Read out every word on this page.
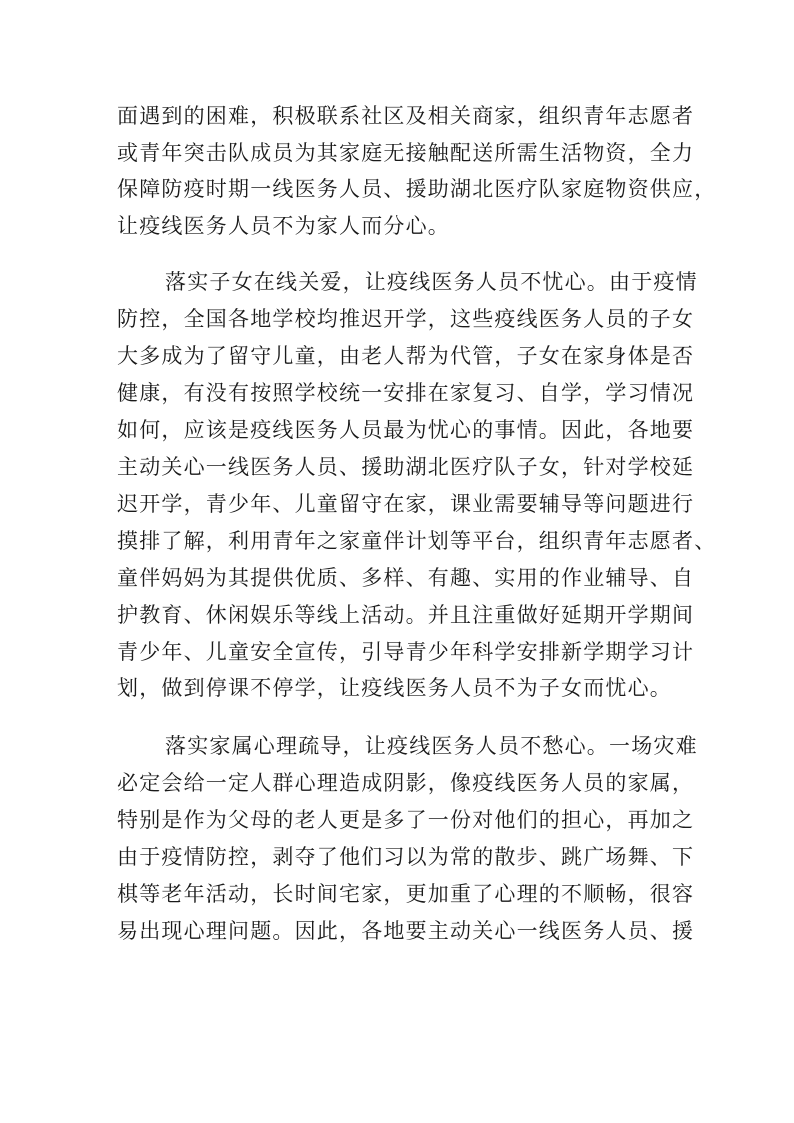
面遇到的困难，积极联系社区及相关商家，组织青年志愿者
或青年突击队成员为其家庭无接触配送所需生活物资，全力
保障防疫时期一线医务人员、援助湖北医疗队家庭物资供应，
让疫线医务人员不为家人而分心。
落实子女在线关爱，让疫线医务人员不忧心。由于疫情
防控，全国各地学校均推迟开学，这些疫线医务人员的子女
大多成为了留守儿童，由老人帮为代管，子女在家身体是否
健康，有没有按照学校统一安排在家复习、自学，学习情况
如何，应该是疫线医务人员最为忧心的事情。因此，各地要
主动关心一线医务人员、援助湖北医疗队子女，针对学校延
迟开学，青少年、儿童留守在家，课业需要辅导等问题进行
摸排了解，利用青年之家童伴计划等平台，组织青年志愿者、
童伴妈妈为其提供优质、多样、有趣、实用的作业辅导、自
护教育、休闲娱乐等线上活动。并且注重做好延期开学期间
青少年、儿童安全宣传，引导青少年科学安排新学期学习计
划，做到停课不停学，让疫线医务人员不为子女而忧心。
落实家属心理疏导，让疫线医务人员不愁心。一场灾难
必定会给一定人群心理造成阴影，像疫线医务人员的家属，
特别是作为父母的老人更是多了一份对他们的担心，再加之
由于疫情防控，剥夺了他们习以为常的散步、跳广场舞、下
棋等老年活动，长时间宅家，更加重了心理的不顺畅，很容
易出现心理问题。因此，各地要主动关心一线医务人员、援
